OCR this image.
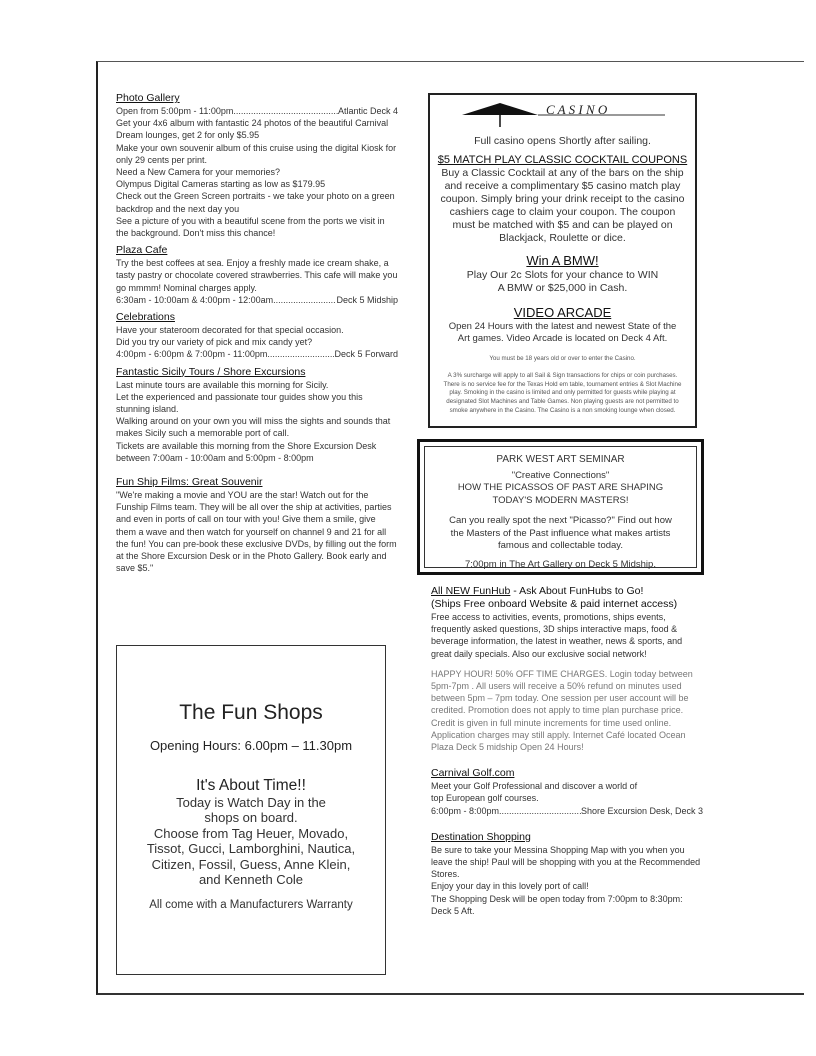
Photo Gallery

Open from 5:00pm - 11:00pm .....	Atlantic Deck 4

Get your 4x6 album with fantastic 24 photos of the beautiful Carnival Dream lounges, get 2 for only $5.95
Make your own souvenir album of this cruise using the digital Kiosk for only 29 cents per print.
Need a New Camera for your memories?
Olympus Digital Cameras starting as low as $179.95
Check out the Green Screen portraits - we take your photo on a green backdrop and the next day you
See a picture of you with a beautiful scene from the ports we visit in the background. Don't miss this chance!

Plaza Cafe

Try the best coffees at sea. Enjoy a freshly made ice cream shake, a tasty pastry or chocolate covered strawberries. This cafe will make you go mmmm! Nominal charges apply.

6:30am - 10:00am & 4:00pm - 12:00am .....	Deck 5 Midship

Celebrations

Have your stateroom decorated for that special occasion.
Did you try our variety of pick and mix candy yet?

4:00pm - 6:00pm & 7:00pm - 11:00pm .....	Deck 5 Forward

Fantastic Sicily Tours / Shore Excursions

Last minute tours are available this morning for Sicily.
Let the experienced and passionate tour guides show you this stunning island.
Walking around on your own you will miss the sights and sounds that makes Sicily such a memorable port of call.
Tickets are available this morning from the Shore Excursion Desk between 7:00am - 10:00am and 5:00pm - 8:00pm

Fun Ship Films: Great Souvenir

"We're making a movie and YOU are the star! Watch out for the Funship Films team. They will be all over the ship at activities, parties and even in ports of call on tour with you! Give them a smile, give them a wave and then watch for yourself on channel 9 and 21 for all the fun! You can pre-book these exclusive DVDs, by filling out the form at the Shore Excursion Desk or in the Photo Gallery. Book early and save $5."

The Fun Shops

Opening Hours: 6.00pm – 11.30pm

It's About Time!!

Today is Watch Day in the
shops on board.
Choose from Tag Heuer, Movado,
Tissot, Gucci, Lamborghini, Nautica,
Citizen, Fossil, Guess, Anne Klein,
and Kenneth Cole

All come with a Manufacturers Warranty

C A S I N O

Full casino opens Shortly after sailing.

$5 MATCH PLAY CLASSIC COCKTAIL COUPONS

Buy a Classic Cocktail at any of the bars on the ship and receive a complimentary $5 casino match play coupon. Simply bring your drink receipt to the casino cashiers cage to claim your coupon. The coupon must be matched with $5 and can be played on Blackjack, Roulette or dice.

Win A BMW!

Play Our 2c Slots for your chance to WIN A BMW or $25,000 in Cash.

VIDEO ARCADE

Open 24 Hours with the latest and newest State of the Art games. Video Arcade is located on Deck 4 Aft.

You must be 18 years old or over to enter the Casino.

A 3% surcharge will apply to all Sail & Sign transactions for chips or coin purchases. There is no service fee for the Texas Hold em table, tournament entries & Slot Machine play. Smoking in the casino is limited and only permitted for guests while playing at designated Slot Machines and Table Games. Non playing guests are not permitted to smoke anywhere in the Casino. The Casino is a non smoking lounge when closed.

PARK WEST ART SEMINAR

"Creative Connections"

HOW THE PICASSOS OF PAST ARE SHAPING
TODAY'S MODERN MASTERS!

Can you really spot the next "Picasso?" Find out how
the Masters of the Past influence what makes artists
famous and collectable today.

7:00pm in The Art Gallery on Deck 5 Midship.

All NEW FunHub - Ask About FunHubs to Go!

(Ships Free onboard Website & paid internet access)

Free access to activities, events, promotions, ships events, frequently asked questions, 3D ships interactive maps, food & beverage information, the latest in weather, news & sports, and great daily specials. Also our exclusive social network!

HAPPY HOUR! 50% OFF TIME CHARGES. Login today between 5pm-7pm . All users will receive a 50% refund on minutes used between 5pm – 7pm today. One session per user account will be credited. Promotion does not apply to time plan purchase price. Credit is given in full minute increments for time used online.

Application charges may still apply. Internet Café located Ocean Plaza Deck 5 midship Open 24 Hours!

Carnival Golf.com

Meet your Golf Professional and discover a world of
top European golf courses.

6:00pm - 8:00pm .....	Shore Excursion Desk, Deck 3

Destination Shopping

Be sure to take your Messina Shopping Map with you when you leave the ship! Paul will be shopping with you at the Recommended Stores.
Enjoy your day in this lovely port of call!
The Shopping Desk will be open today from 7:00pm to 8:30pm: Deck 5 Aft.
